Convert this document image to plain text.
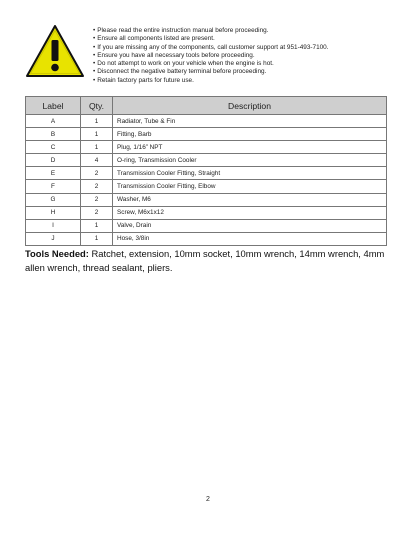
• Please read the entire instruction manual before proceeding.
• Ensure all components listed are present.
• If you are missing any of the components, call customer support at 951-493-7100.
• Ensure you have all necessary tools before proceeding.
• Do not attempt to work on your vehicle when the engine is hot.
• Disconnect the negative battery terminal before proceeding.
• Retain factory parts for future use.
Label	Qty.	Description
A	1	Radiator, Tube & Fin
B	1	Fitting, Barb
C	1	Plug, 1/16” NPT
D	4	O-ring, Transmission Cooler
E	2	Transmission Cooler Fitting, Straight
F	2	Transmission Cooler Fitting, Elbow
G	2	Washer, M6
H	2	Screw, M6x1x12
I	1	Valve, Drain
J	1	Hose, 3/8in

Tools Needed: Ratchet, extension, 10mm socket, 10mm wrench, 14mm wrench, 4mm allen wrench, thread sealant, pliers.

2
